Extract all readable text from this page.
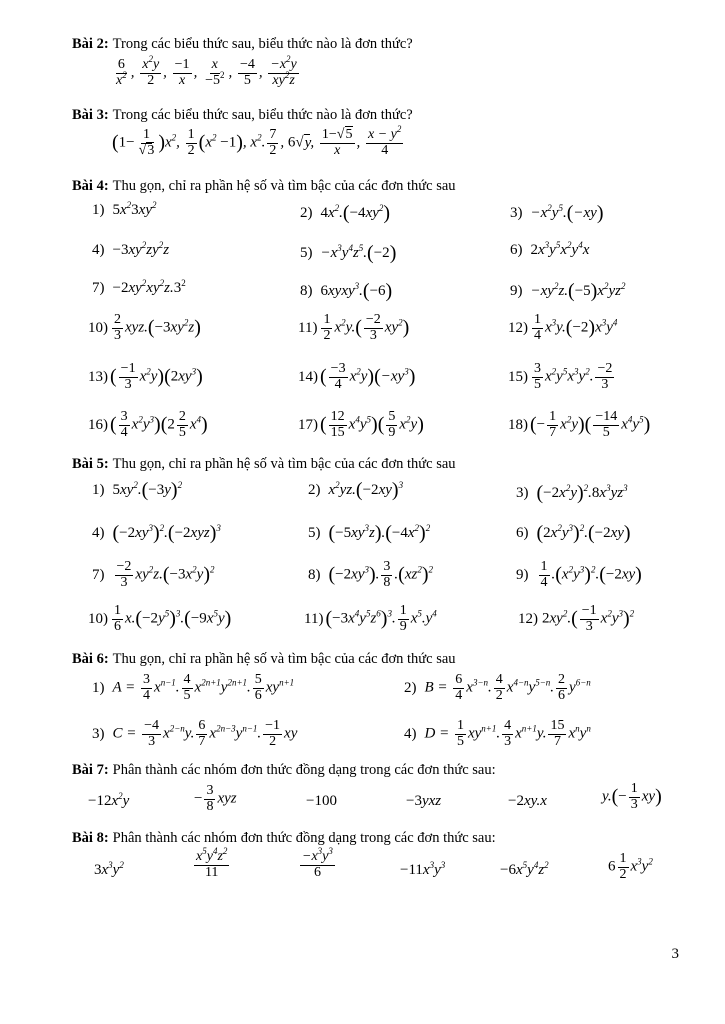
Bài 2: Trong các biểu thức sau, biểu thức nào là đơn thức?
$\frac{6}{x^2}$ , $\frac{x^2y}{2}$ , $\frac{-1}{x}$ , $\frac{x}{-5^2}$ , $\frac{-4}{5}$ , $\frac{-x^2y}{xy^2z}$
Bài 3: Trong các biểu thức sau, biểu thức nào là đơn thức?
$(1- \frac{1}{√3} )x^2$, $\frac{1}{2} (x^2 -1)$, $x^2$. $\frac{7}{2}$ , 6√y, $\frac{1-√5}{x}$ , $\frac{x - y^2}{4}$
Bài 4: Thu gọn, chỉ ra phần hệ số và tìm bậc của các đơn thức sau
1) $5x^23xy^2$	2) $4x^2.(-4xy^2)$	$3) -x^2y^5.(-xy)$
$4) -3xy^2zy^2z$	$5) -x^3y^4z^5.(-2)$	6) $2x^3y^5x^2y^4x$
$7) -2xy^2xy^2z.3^2$	8) 6xyxy$^3$.(−6)	$9) -xy^2z.(-5)x^2yz^2$
$10) \frac{2}{3} xyz.(-3xy^2z)$	$11) \frac{1}{2} x^2y.( \frac{-2}{3} xy^2)$	$12) \frac{1}{4} x^3y.(-2)x^3y^4$
13) ( $\frac{-1}{3} x^2y)(2xy^3)$	14) ( $\frac{-3}{4} x^2y)(-xy^3)$	$15) \frac{3}{5} x^2y^5x^3y^2$. $\frac{-2}{3}$
16) ( $\frac{3}{4} x^2y^3)(2 \frac{2}{5} x^4)$	17) ( $\frac{12}{15} x^4y^5)( \frac{5}{9} x^2y)$	18) (− $\frac{1}{7} x^2y)( \frac{-14}{5} x^4y^5)$
Bài 5: Thu gọn, chỉ ra phần hệ số và tìm bậc của các đơn thức sau
1) $5xy^2.(-3y)^2$	2) $x^2yz.(-2xy)^3$	3) $(-2x^2y)^2.8x^3yz^3$
4) $(-2xy^3)^2.(-2xyz)^3$	5) $(-5xy^3z).(-4x^2)^2$	6) $(2x^2y^3)^2.(-2xy)$
$7) \frac{-2}{3} xy^2z.(-3x^2y)^2$	8) $(-2xy^3)$. $\frac{3}{8} .(xz^2)^2$	$9) \frac{1}{4} .(x^2y^3)^2.(-2xy)$
$10) \frac{1}{6} x.(-2y^5)^3.(-9x^5y)$	11) $(-3x^4y^5z^6)^3$. $\frac{1}{9} x^5.y^4$	12) $2xy^2.( \frac{-1}{3} x^2y^3)^2$
Bài 6: Thu gọn, chỉ ra phần hệ số và tìm bậc của các đơn thức sau
1) $A = \frac{3}{4} x^{n-1}$. $\frac{4}{5} x^{2n+1}y^{2n+1}$. $\frac{5}{6} xy^{n+1}$	2) $B = \frac{6}{4} x^{3-n}$. $\frac{4}{2} x^{4-n}y^{5-n}$. $\frac{2}{6} y^{6-n}$
3) $C = \frac{-4}{3} x^{2-n}y$. $\frac{6}{7} x^{2n-3}y^{n-1}$. $\frac{-1}{2}$ xy	4) $D = \frac{1}{5} xy^{n+1}$. $\frac{4}{3} x^{n+1}y$. $\frac{15}{7} x^ny^n$
Bài 7: Phân thành các nhóm đơn thức đồng dạng trong các đơn thức sau:
$-12x^2y$	− $\frac{3}{8}$ xyz	−100	−3yxz	−2xy.x	$y.(- \frac{1}{3} xy)$
Bài 8: Phân thành các nhóm đơn thức đồng dạng trong các đơn thức sau:
$3x^3y^2$	$\frac{x^5y^4z^2}{11}$	$\frac{-x^3y^3}{6}$	$-11x^3y^3$	$-6x^5y^4z^2$	$6 \frac{1}{2} x^3y^2$
3
